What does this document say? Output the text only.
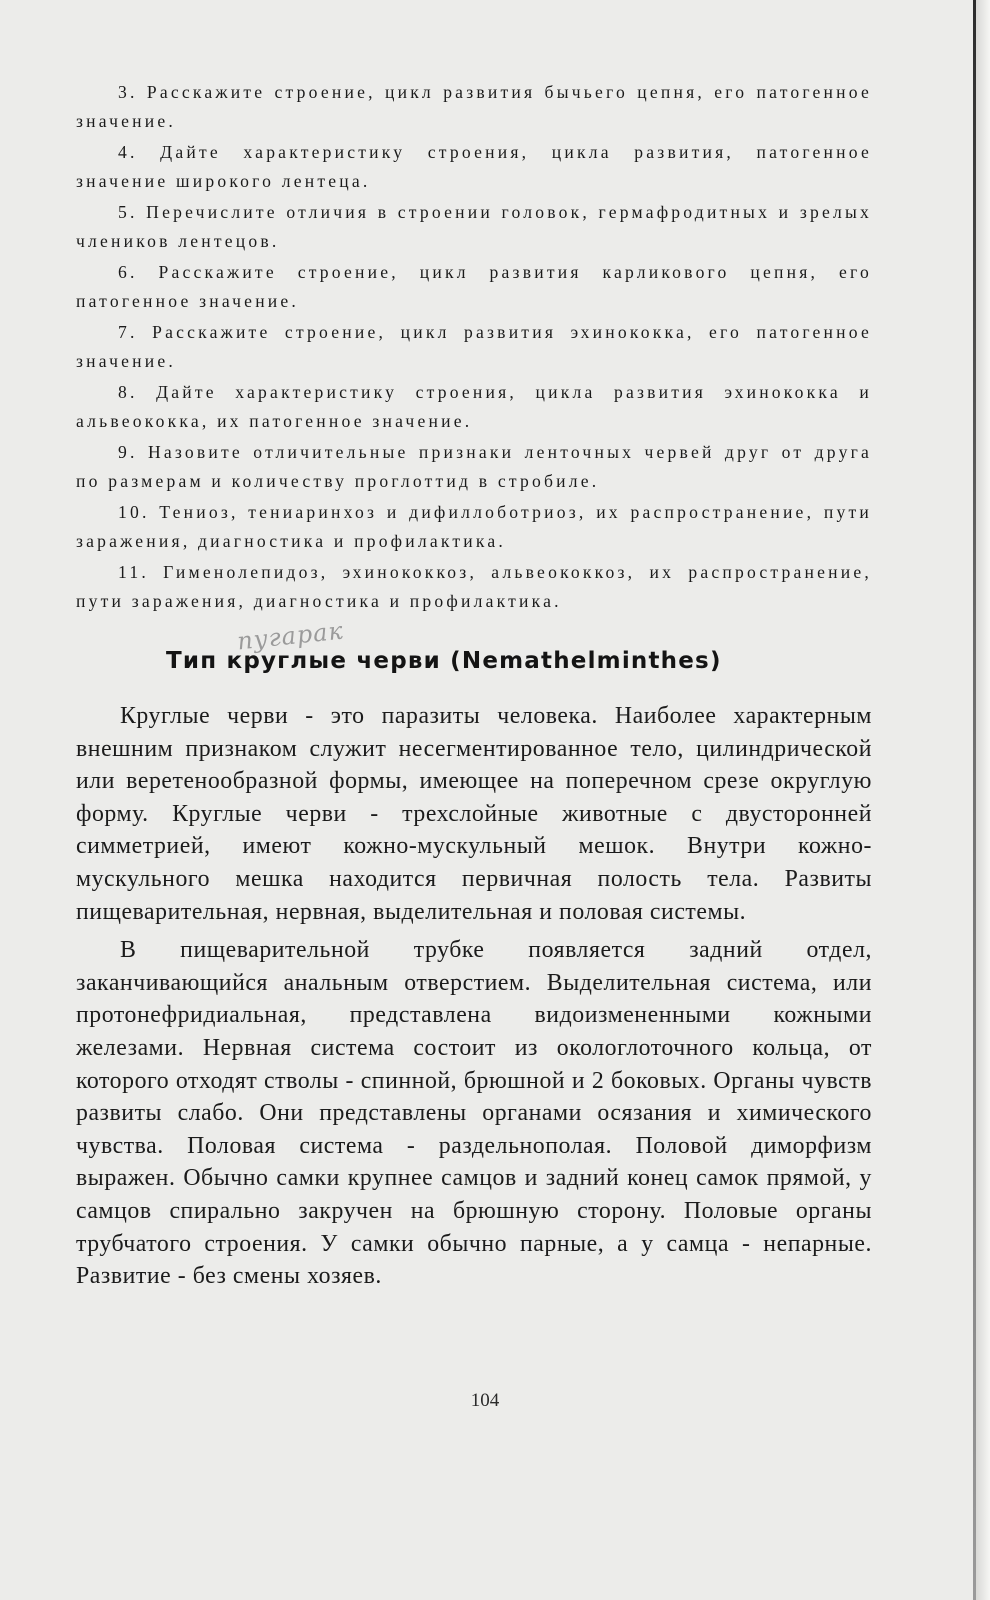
3. Расскажите строение, цикл развития бычьего цепня, его патогенное значение.

4. Дайте характеристику строения, цикла развития, патогенное значение широкого лентеца.

5. Перечислите отличия в строении головок, гермафродитных и зрелых члеников лентецов.

6. Расскажите строение, цикл развития карликового цепня, его патогенное значение.

7. Расскажите строение, цикл развития эхинококка, его патогенное значение.

8. Дайте характеристику строения, цикла развития эхинококка и альвеококка, их патогенное значение.

9. Назовите отличительные признаки ленточных червей друг от друга по размерам и количеству проглоттид в стробиле.

10. Тениоз, тениаринхоз и дифиллоботриоз, их распространение, пути заражения, диагностика и профилактика.

11. Гименолепидоз, эхинококкоз, альвеококкоз, их распространение, пути заражения, диагностика и профилактика.

пугарак
Тип круглые черви (Nemathelminthes)

Круглые черви - это паразиты человека. Наиболее характерным внешним признаком служит несегментированное тело, цилиндрической или веретенообразной формы, имеющее на поперечном срезе округлую форму. Круглые черви - трехслойные животные с двусторонней симметрией, имеют кожно-мускульный мешок. Внутри кожно-мускульного мешка находится первичная полость тела. Развиты пищеварительная, нервная, выделительная и половая системы.

В пищеварительной трубке появляется задний отдел, заканчивающийся анальным отверстием. Выделительная система, или протонефридиальная, представлена видоизмененными кожными железами. Нервная система состоит из окологлоточного кольца, от которого отходят стволы - спинной, брюшной и 2 боковых. Органы чувств развиты слабо. Они представлены органами осязания и химического чувства. Половая система - раздельнополая. Половой диморфизм выражен. Обычно самки крупнее самцов и задний конец самок прямой, у самцов спирально закручен на брюшную сторону. Половые органы трубчатого строения. У самки обычно парные, а у самца - непарные. Развитие - без смены хозяев.

104
